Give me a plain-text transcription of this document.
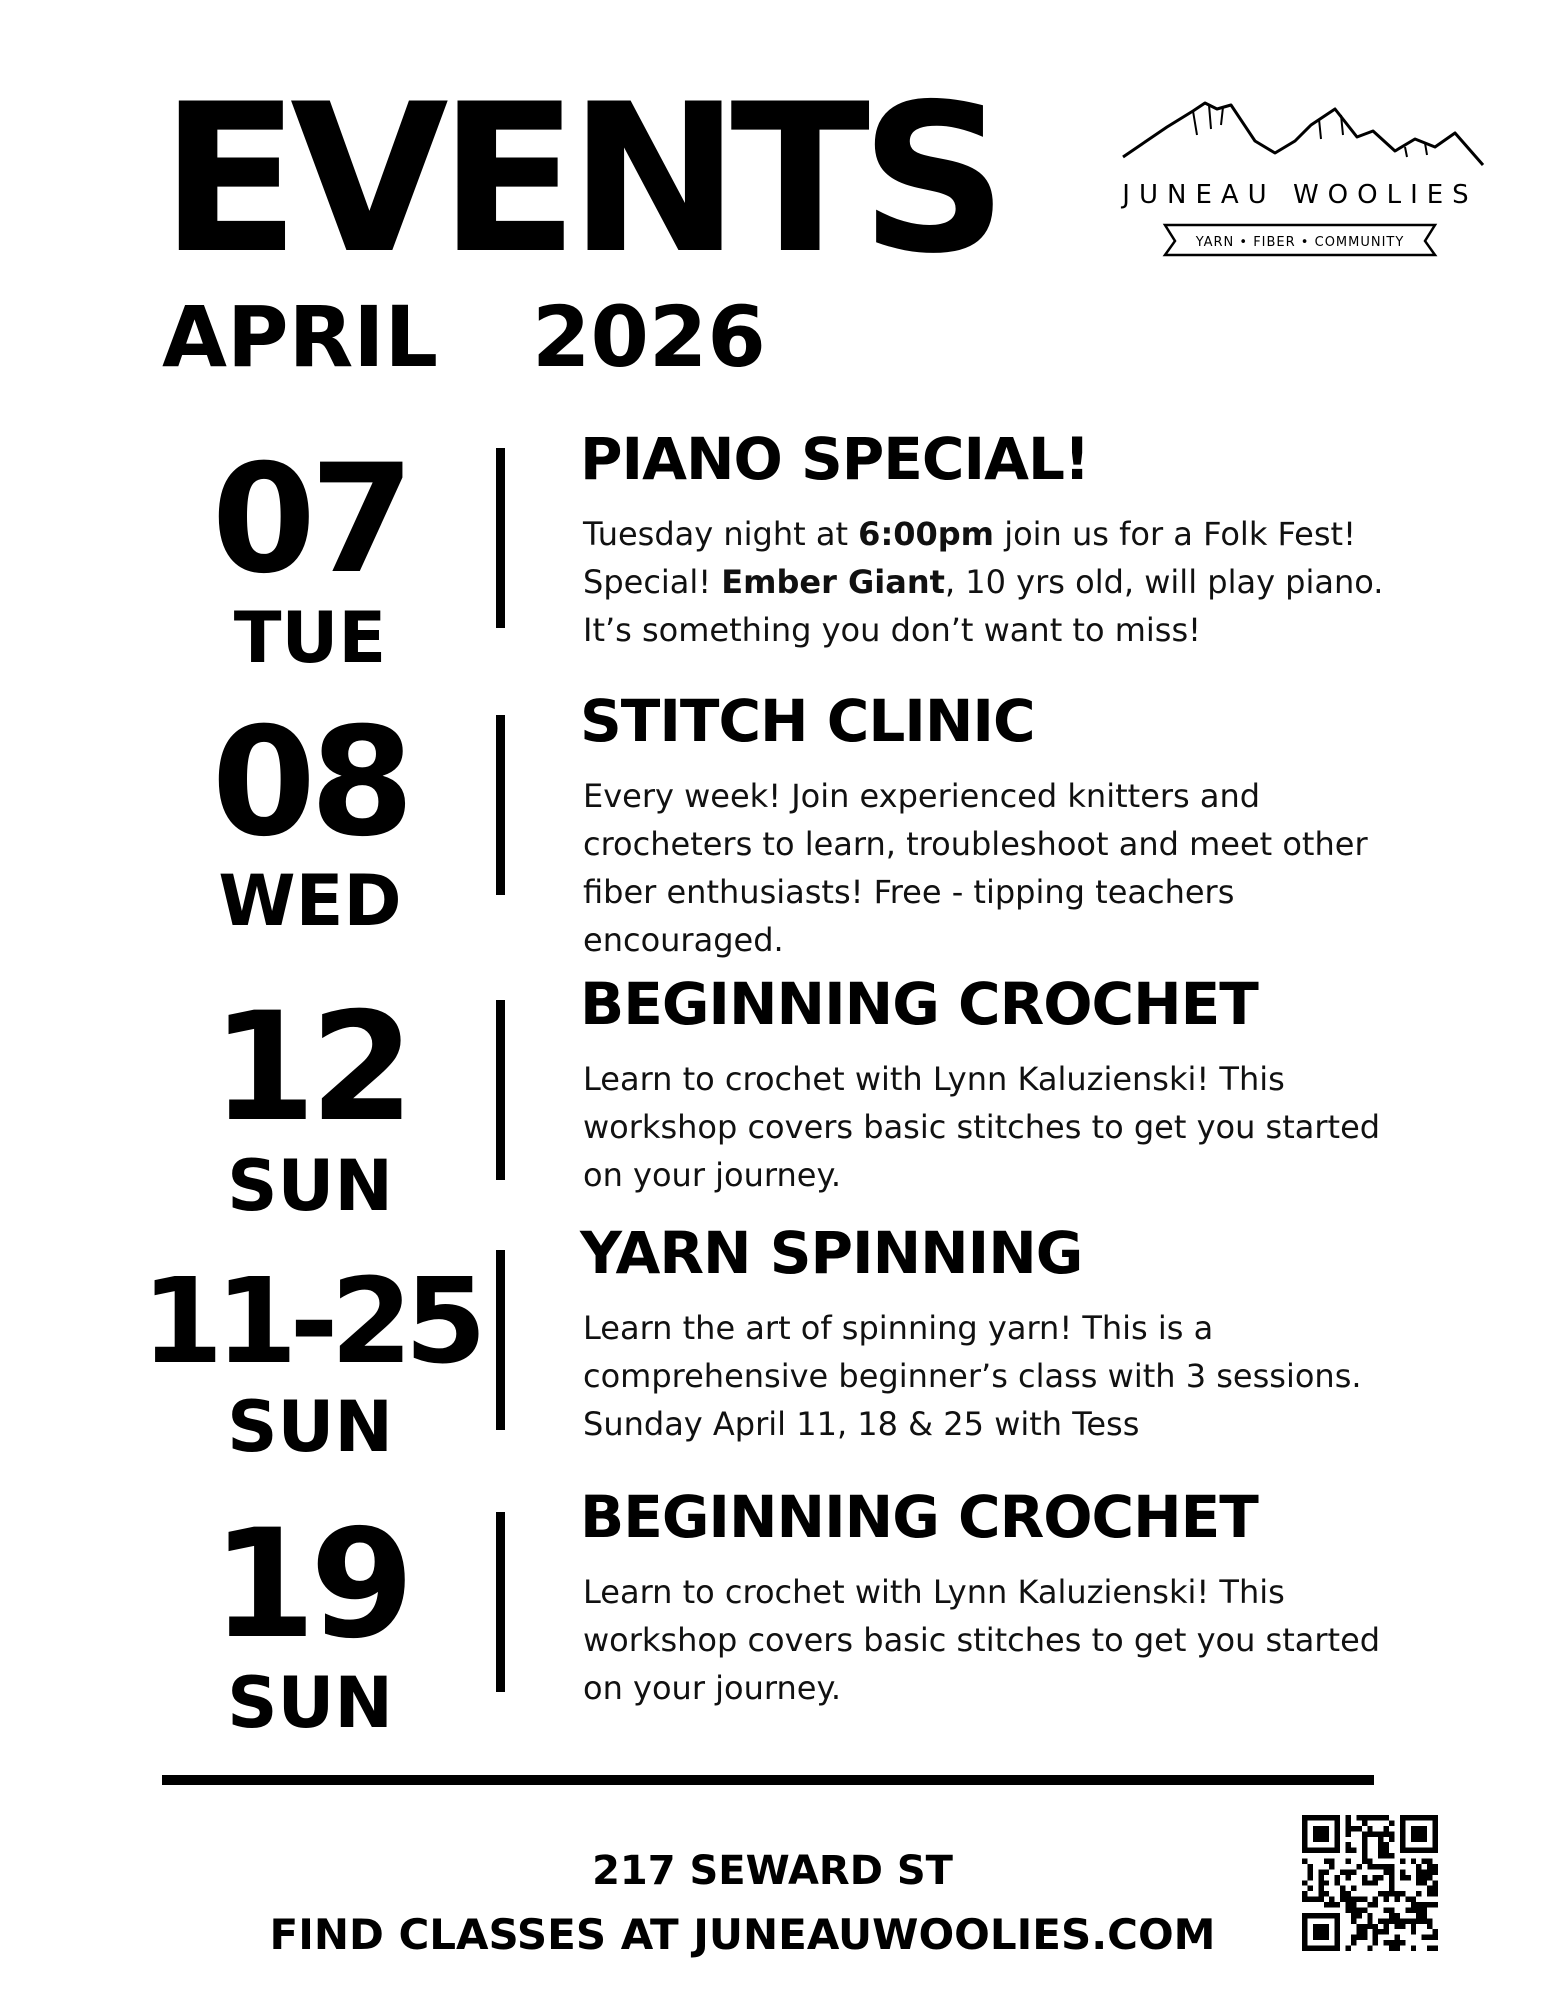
EVENTS
APRIL 2026
JUNEAU WOOLIES
YARN • FIBER • COMMUNITY
07
TUE
PIANO SPECIAL!
Tuesday night at 6:00pm join us for a Folk Fest! Special! Ember Giant, 10 yrs old, will play piano. It’s something you don’t want to miss!
08
WED
STITCH CLINIC
Every week! Join experienced knitters and crocheters to learn, troubleshoot and meet other fiber enthusiasts! Free - tipping teachers encouraged.
12
SUN
BEGINNING CROCHET
Learn to crochet with Lynn Kaluzienski! This workshop covers basic stitches to get you started on your journey.
11-25
SUN
YARN SPINNING
Learn the art of spinning yarn! This is a comprehensive beginner’s class with 3 sessions. Sunday April 11, 18 & 25 with Tess
19
SUN
BEGINNING CROCHET
Learn to crochet with Lynn Kaluzienski! This workshop covers basic stitches to get you started on your journey.
217 SEWARD ST
FIND CLASSES AT JUNEAUWOOLIES.COM
